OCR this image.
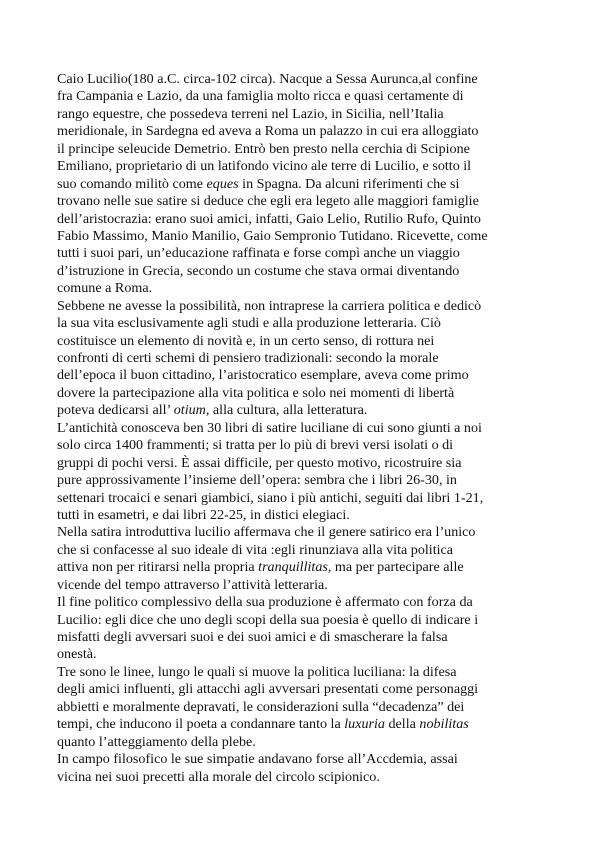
Caio Lucilio(180 a.C. circa-102 circa). Nacque a Sessa Aurunca,al confine
fra Campania e Lazio, da una famiglia molto ricca e quasi certamente di
rango equestre, che possedeva terreni nel Lazio, in Sicilia, nell’Italia
meridionale, in Sardegna ed aveva a Roma un palazzo in cui era alloggiato
il principe seleucide Demetrio. Entrò ben presto nella cerchia di Scipione
Emiliano, proprietario di un latifondo vicino ale terre di Lucilio, e sotto il
suo comando militò come eques in Spagna. Da alcuni riferimenti che si
trovano nelle sue satire si deduce che egli era legeto alle maggiori famiglie
dell’aristocrazia: erano suoi amici, infatti, Gaio Lelio, Rutilio Rufo, Quinto
Fabio Massimo, Manio Manilio, Gaio Sempronio Tutidano. Ricevette, come
tutti i suoi pari, un’educazione raffinata e forse compì anche un viaggio
d’istruzione in Grecia, secondo un costume che stava ormai diventando
comune a Roma.
Sebbene ne avesse la possibilità, non intraprese la carriera politica e dedicò
la sua vita esclusivamente agli studi e alla produzione letteraria. Ciò
costituisce un elemento di novità e, in un certo senso, di rottura nei
confronti di certi schemi di pensiero tradizionali: secondo la morale
dell’epoca il buon cittadino, l’aristocratico esemplare, aveva come primo
dovere la partecipazione alla vita politica e solo nei momenti di libertà
poteva dedicarsi all’ otium, alla cultura, alla letteratura.
L’antichità conosceva ben 30 libri di satire luciliane di cui sono giunti a noi
solo circa 1400 frammenti; si tratta per lo più di brevi versi isolati o di
gruppi di pochi versi. È assai difficile, per questo motivo, ricostruire sia
pure approssivamente l’insieme dell’opera: sembra che i libri 26-30, in
settenari trocaici e senari giambici, siano i più antichi, seguiti dai libri 1-21,
tutti in esametri, e dai libri 22-25, in distici elegiaci.
Nella satira introduttiva lucilio affermava che il genere satirico era l’unico
che si confacesse al suo ideale di vita :egli rinunziava alla vita politica
attiva non per ritirarsi nella propria tranquillitas, ma per partecipare alle
vicende del tempo attraverso l’attività letteraria.
Il fine politico complessivo della sua produzione è affermato con forza da
Lucilio: egli dice che uno degli scopi della sua poesia è quello di indicare i
misfatti degli avversari suoi e dei suoi amici e di smascherare la falsa
onestà.
Tre sono le linee, lungo le quali si muove la politica luciliana: la difesa
degli amici influenti, gli attacchi agli avversari presentati come personaggi
abbietti e moralmente depravati, le considerazioni sulla “decadenza” dei
tempi, che inducono il poeta a condannare tanto la luxuria della nobilitas
quanto l’atteggiamento della plebe.
In campo filosofico le sue simpatie andavano forse all’Accdemia, assai
vicina nei suoi precetti alla morale del circolo scipionico.
